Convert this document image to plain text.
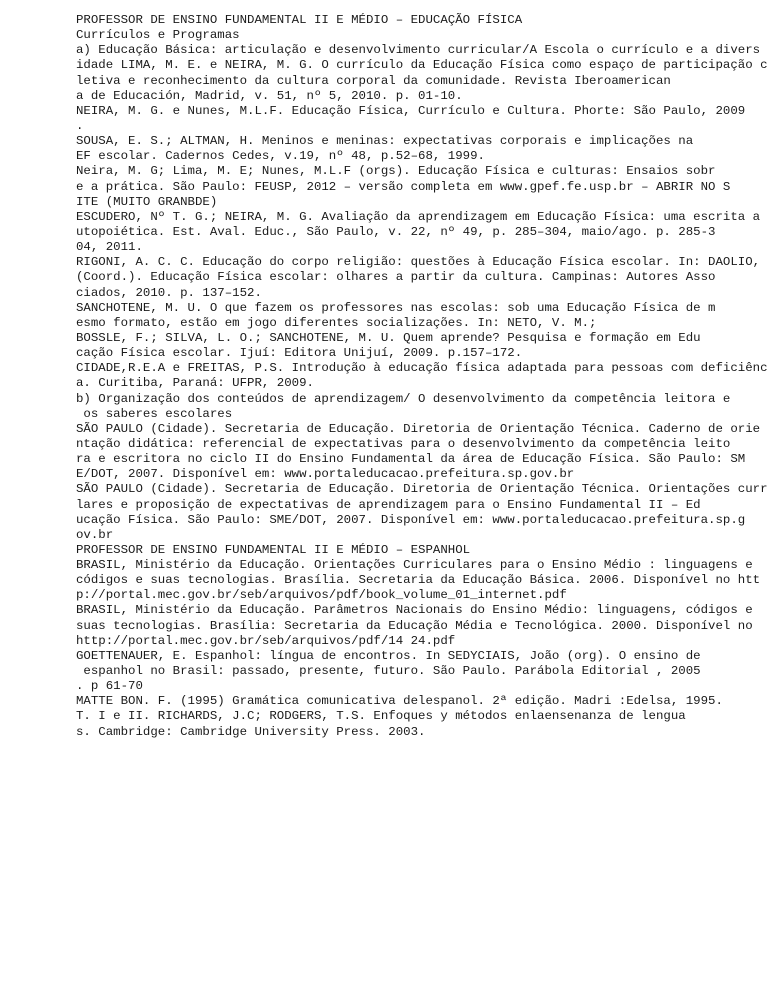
PROFESSOR DE ENSINO FUNDAMENTAL II E MÉDIO – EDUCAÇÃO FÍSICA
Currículos e Programas
a) Educação Básica: articulação e desenvolvimento curricular/A Escola o currículo e a divers
idade LIMA, M. E. e NEIRA, M. G. O currículo da Educação Física como espaço de participação c
letiva e reconhecimento da cultura corporal da comunidade. Revista Iberoamerican
a de Educación, Madrid, v. 51, nº 5, 2010. p. 01-10.
NEIRA, M. G. e Nunes, M.L.F. Educação Física, Currículo e Cultura. Phorte: São Paulo, 2009
.
SOUSA, E. S.; ALTMAN, H. Meninos e meninas: expectativas corporais e implicações na
EF escolar. Cadernos Cedes, v.19, nº 48, p.52–68, 1999.
Neira, M. G; Lima, M. E; Nunes, M.L.F (orgs). Educação Física e culturas: Ensaios sobr
e a prática. São Paulo: FEUSP, 2012 – versão completa em www.gpef.fe.usp.br – ABRIR NO S
ITE (MUITO GRANBDE)
ESCUDERO, Nº T. G.; NEIRA, M. G. Avaliação da aprendizagem em Educação Física: uma escrita a
utopoiética. Est. Aval. Educ., São Paulo, v. 22, nº 49, p. 285–304, maio/ago. p. 285-3
04, 2011.
RIGONI, A. C. C. Educação do corpo religião: questões à Educação Física escolar. In: DAOLIO,
(Coord.). Educação Física escolar: olhares a partir da cultura. Campinas: Autores Asso
ciados, 2010. p. 137–152.
SANCHOTENE, M. U. O que fazem os professores nas escolas: sob uma Educação Física de m
esmo formato, estão em jogo diferentes socializações. In: NETO, V. M.;
BOSSLE, F.; SILVA, L. O.; SANCHOTENE, M. U. Quem aprende? Pesquisa e formação em Edu
cação Física escolar. Ijuí: Editora Unijuí, 2009. p.157–172.
CIDADE,R.E.A e FREITAS, P.S. Introdução à educação física adaptada para pessoas com deficiênc
a. Curitiba, Paraná: UFPR, 2009.
b) Organização dos conteúdos de aprendizagem/ O desenvolvimento da competência leitora e
os saberes escolares
SÃO PAULO (Cidade). Secretaria de Educação. Diretoria de Orientação Técnica. Caderno de orie
ntação didática: referencial de expectativas para o desenvolvimento da competência leito
ra e escritora no ciclo II do Ensino Fundamental da área de Educação Física. São Paulo: SM
E/DOT, 2007. Disponível em: www.portaleducacao.prefeitura.sp.gov.br
SÃO PAULO (Cidade). Secretaria de Educação. Diretoria de Orientação Técnica. Orientações curr
lares e proposição de expectativas de aprendizagem para o Ensino Fundamental II – Ed
ucação Física. São Paulo: SME/DOT, 2007. Disponível em: www.portaleducacao.prefeitura.sp.g
ov.br
PROFESSOR DE ENSINO FUNDAMENTAL II E MÉDIO – ESPANHOL
BRASIL, Ministério da Educação. Orientações Curriculares para o Ensino Médio : linguagens e
códigos e suas tecnologias. Brasília. Secretaria da Educação Básica. 2006. Disponível no htt
p://portal.mec.gov.br/seb/arquivos/pdf/book_volume_01_internet.pdf
BRASIL, Ministério da Educação. Parâmetros Nacionais do Ensino Médio: linguagens, códigos e
suas tecnologias. Brasília: Secretaria da Educação Média e Tecnológica. 2000. Disponível no
http://portal.mec.gov.br/seb/arquivos/pdf/14 24.pdf
GOETTENAUER, E. Espanhol: língua de encontros. In SEDYCIAIS, João (org). O ensino de
espanhol no Brasil: passado, presente, futuro. São Paulo. Parábola Editorial , 2005
. p 61-70
MATTE BON. F. (1995) Gramática comunicativa delespanol. 2ª edição. Madri :Edelsa, 1995.
T. I e II. RICHARDS, J.C; RODGERS, T.S. Enfoques y métodos enlaensenanza de lengua
s. Cambridge: Cambridge University Press. 2003.
